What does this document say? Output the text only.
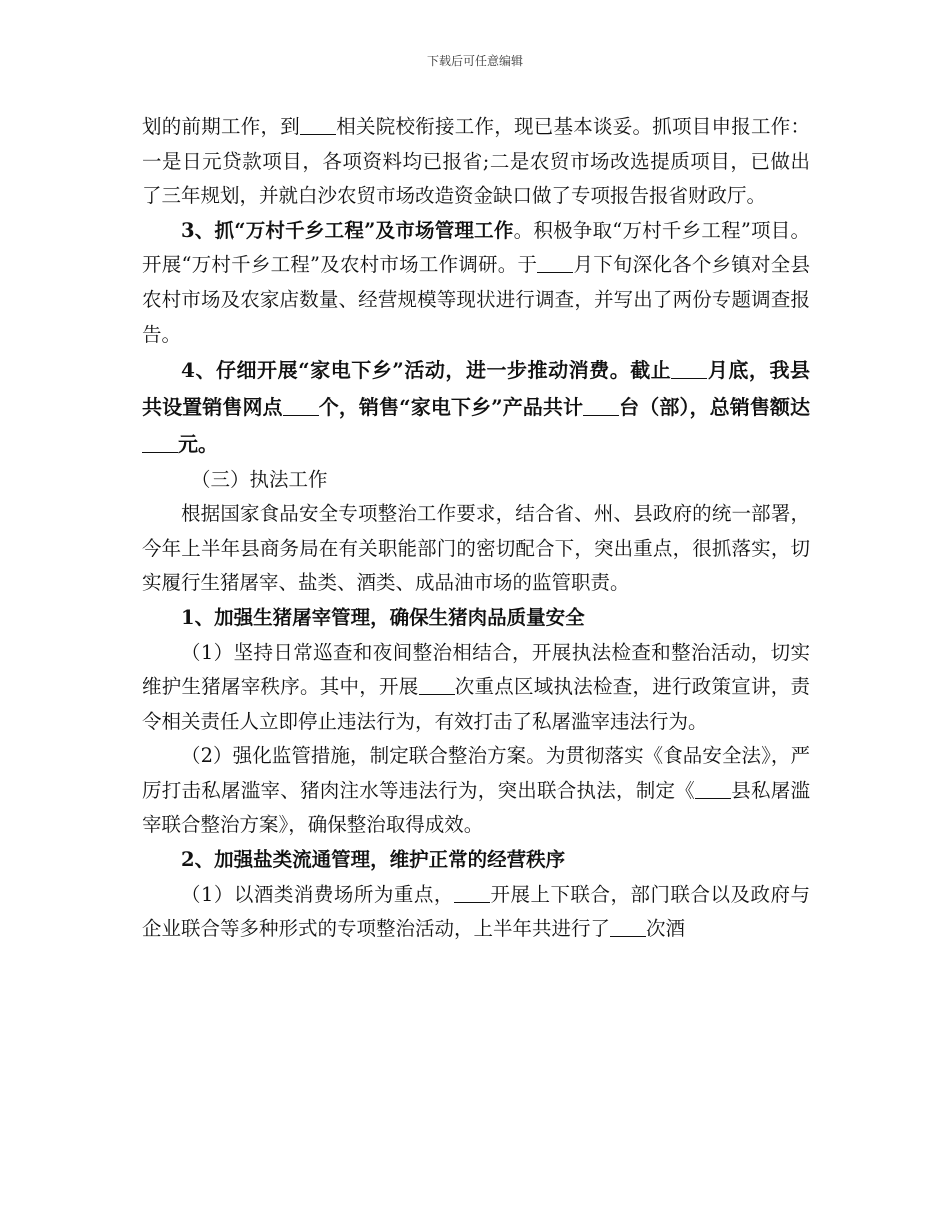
下载后可任意编辑

划的前期工作，到 相关院校衔接工作，现已基本谈妥。抓项目申报工作：一是日元贷款项目，各项资料均已报省;二是农贸市场改选提质项目，已做出了三年规划，并就白沙农贸市场改造资金缺口做了专项报告报省财政厅。

3、抓“万村千乡工程”及市场管理工作。积极争取“万村千乡工程”项目。开展“万村千乡工程”及农村市场工作调研。于 月下旬深化各个乡镇对全县农村市场及农家店数量、经营规模等现状进行调查，并写出了两份专题调查报告。

4、仔细开展“家电下乡”活动，进一步推动消费。截止 月底，我县共设置销售网点 个，销售“家电下乡”产品共计 台（部），总销售额达元。

（三）执法工作

根据国家食品安全专项整治工作要求，结合省、州、县政府的统一部署，今年上半年县商务局在有关职能部门的密切配合下，突出重点，很抓落实，切实履行生猪屠宰、盐类、酒类、成品油市场的监管职责。

1、加强生猪屠宰管理，确保生猪肉品质量安全

（1）坚持日常巡查和夜间整治相结合，开展执法检查和整治活动，切实维护生猪屠宰秩序。其中，开展 次重点区域执法检查，进行政策宣讲，责令相关责任人立即停止违法行为，有效打击了私屠滥宰违法行为。

（2）强化监管措施，制定联合整治方案。为贯彻落实《食品安全法》，严厉打击私屠滥宰、猪肉注水等违法行为，突出联合执法，制定《 县私屠滥宰联合整治方案》，确保整治取得成效。

2、加强盐类流通管理，维护正常的经营秩序

（1）以酒类消费场所为重点， 开展上下联合，部门联合以及政府与企业联合等多种形式的专项整治活动，上半年共进行了 次酒
